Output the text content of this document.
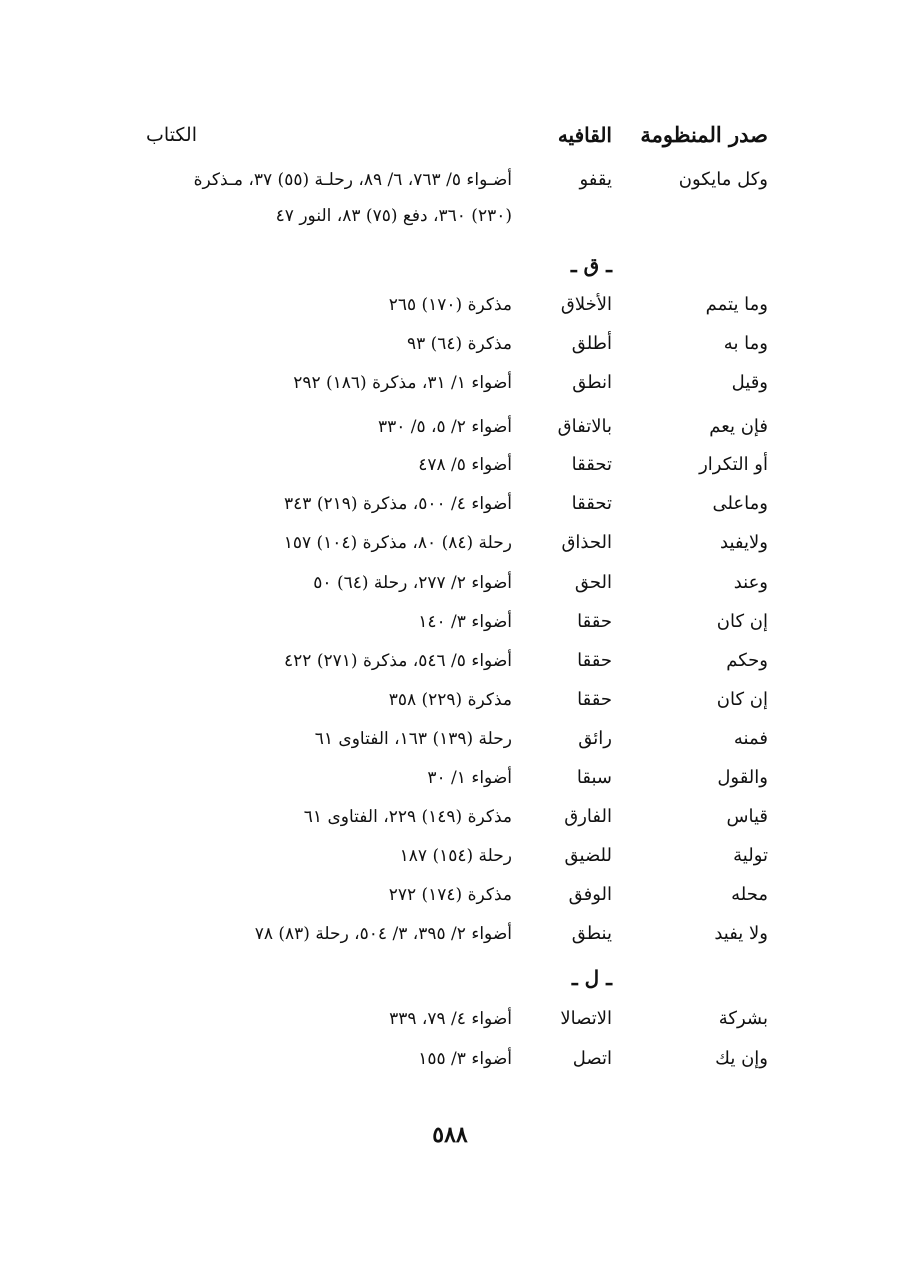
صدر المنظومة
القافيه
الكتاب
وكل مايكون
يقفو
أضـواء ٥/ ٧٦٣، ٦/ ٨٩، رحلـة (٥٥) ٣٧، مـذكرة
(٢٣٠) ٣٦٠، دفع (٧٥) ٨٣، النور ٤٧
ـ ق ـ
وما يتمم
الأخلاق
مذكرة (١٧٠) ٢٦٥
وما به
أطلق
مذكرة (٦٤) ٩٣
وقيل
انطق
أضواء ١/ ٣١، مذكرة (١٨٦) ٢٩٢
فإن يعم
بالاتفاق
أضواء ٢/ ٥، ٥/ ٣٣٠
أو التكرار
تحققا
أضواء ٥/ ٤٧٨
وماعلى
تحققا
أضواء ٤/ ٥٠٠، مذكرة (٢١٩) ٣٤٣
ولايفيد
الحذاق
رحلة (٨٤) ٨٠، مذكرة (١٠٤) ١٥٧
وعند
الحق
أضواء ٢/ ٢٧٧، رحلة (٦٤) ٥٠
إن كان
حققا
أضواء ٣/ ١٤٠
وحكم
حققا
أضواء ٥/ ٥٤٦، مذكرة (٢٧١) ٤٢٢
إن كان
حققا
مذكرة (٢٢٩) ٣٥٨
فمنه
رائق
رحلة (١٣٩) ١٦٣، الفتاوى ٦١
والقول
سبقا
أضواء ١/ ٣٠
قياس
الفارق
مذكرة (١٤٩) ٢٢٩، الفتاوى ٦١
تولية
للضيق
رحلة (١٥٤) ١٨٧
محله
الوفق
مذكرة (١٧٤) ٢٧٢
ولا يفيد
ينطق
أضواء ٢/ ٣٩٥، ٣/ ٥٠٤، رحلة (٨٣) ٧٨
ـ ل ـ
بشركة
الاتصالا
أضواء ٤/ ٧٩، ٣٣٩
وإن يك
اتصل
أضواء ٣/ ١٥٥
٥٨٨
